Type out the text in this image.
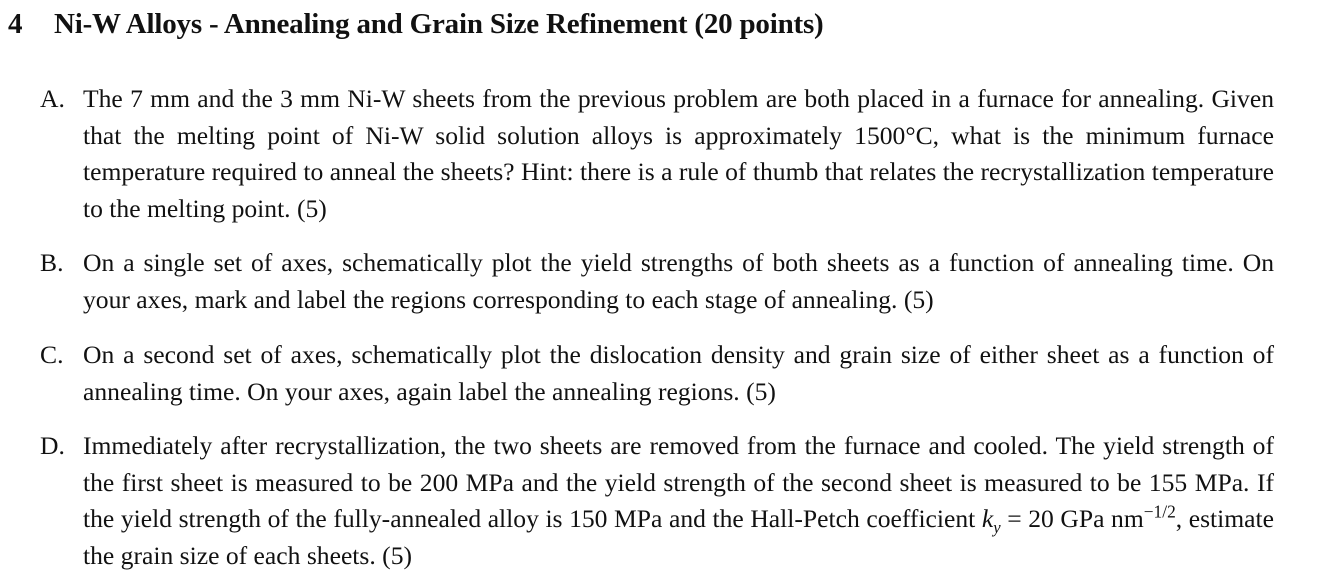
4 Ni-W Alloys - Annealing and Grain Size Refinement (20 points)
A. The 7 mm and the 3 mm Ni-W sheets from the previous problem are both placed in a furnace for annealing. Given that the melting point of Ni-W solid solution alloys is approximately 1500°C, what is the minimum furnace temperature required to anneal the sheets? Hint: there is a rule of thumb that relates the recrystallization temperature to the melting point. (5)
B. On a single set of axes, schematically plot the yield strengths of both sheets as a function of annealing time. On your axes, mark and label the regions corresponding to each stage of annealing. (5)
C. On a second set of axes, schematically plot the dislocation density and grain size of either sheet as a function of annealing time. On your axes, again label the annealing regions. (5)
D. Immediately after recrystallization, the two sheets are removed from the furnace and cooled. The yield strength of the first sheet is measured to be 200 MPa and the yield strength of the second sheet is measured to be 155 MPa. If the yield strength of the fully-annealed alloy is 150 MPa and the Hall-Petch coefficient $k_y = 20$ GPa $nm^{-1/2}$, estimate the grain size of each sheets. (5)
